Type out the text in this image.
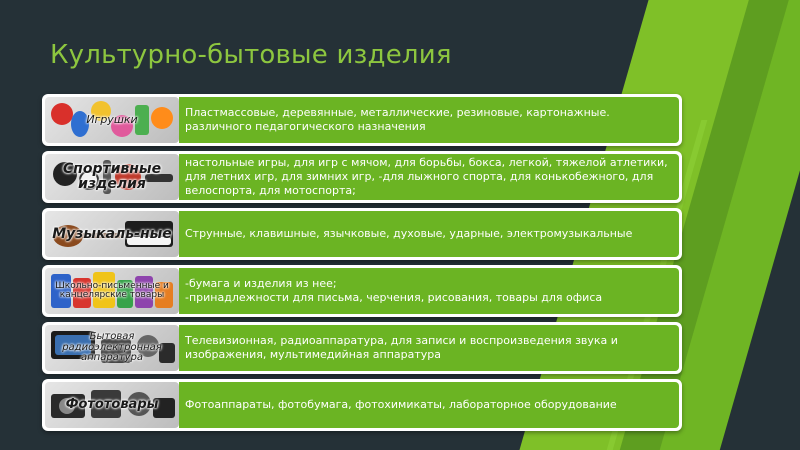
Культурно-бытовые изделия
Игрушки
Пластмассовые, деревянные, металлические, резиновые, картонажные.
различного педагогического назначения
Спортивные изделия
настольные игры, для игр с мячом, для борьбы, бокса, легкой, тяжелой атлетики, для летних игр, для зимних игр, -для лыжного спорта, для конькобежного, для велоспорта, для мотоспорта;
Музыкаль-ные	Струнные, клавишные, язычковые, духовые, ударные, электромузыкальные
Школьно-письменные и канцелярские товары
-бумага и изделия из нее;
-принадлежности для письма, черчения, рисования, товары для офиса
Бытовая радиоэлектронная аппаратура
Телевизионная, радиоаппаратура, для записи и воспроизведения звука и изображения, мультимедийная аппаратура
Фототовары	Фотоаппараты, фотобумага, фотохимикаты, лабораторное оборудование
